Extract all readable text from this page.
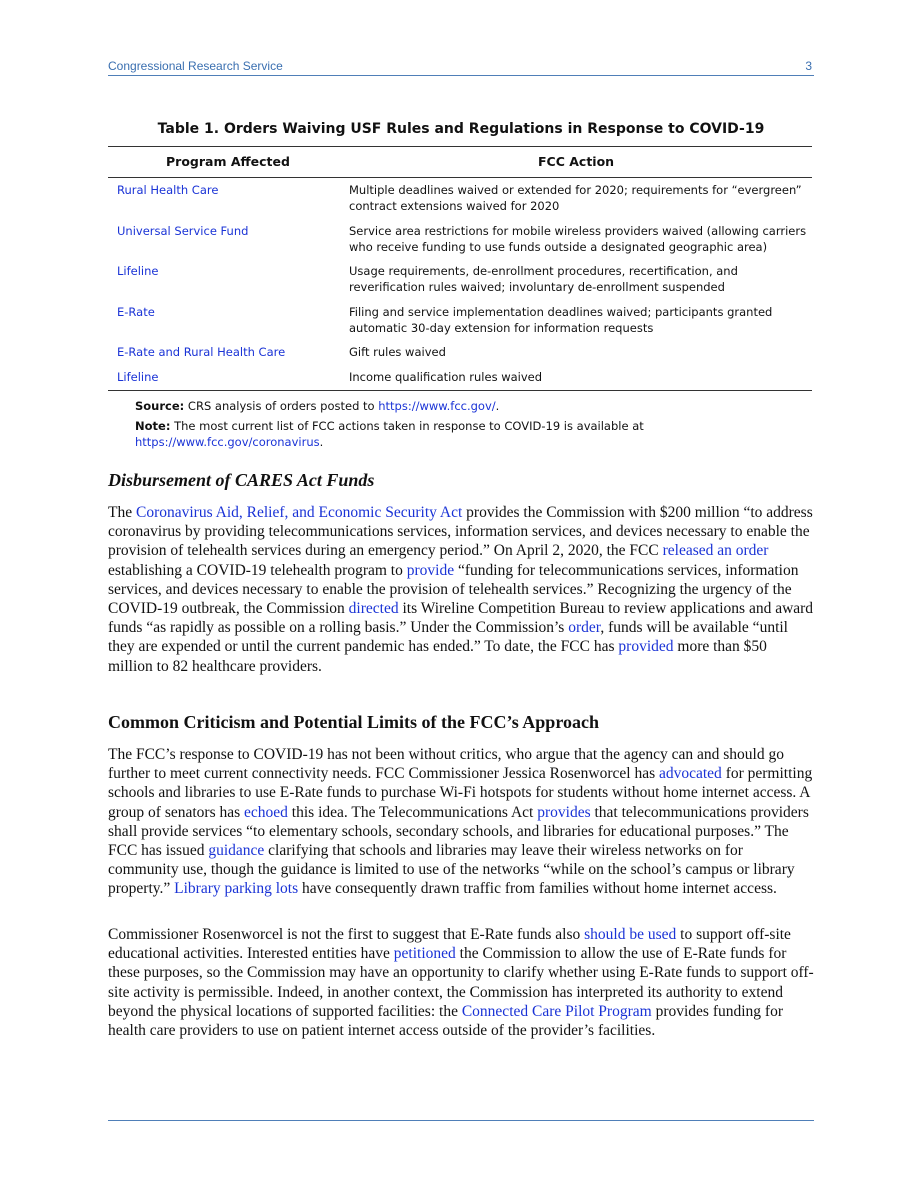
Congressional Research Service	3
Table 1. Orders Waiving USF Rules and Regulations in Response to COVID-19
Program Affected	FCC Action
Rural Health Care	Multiple deadlines waived or extended for 2020; requirements for “evergreen” contract extensions waived for 2020
Universal Service Fund	Service area restrictions for mobile wireless providers waived (allowing carriers who receive funding to use funds outside a designated geographic area)
Lifeline	Usage requirements, de-enrollment procedures, recertification, and reverification rules waived; involuntary de-enrollment suspended
E-Rate	Filing and service implementation deadlines waived; participants granted automatic 30-day extension for information requests
E-Rate and Rural Health Care	Gift rules waived
Lifeline	Income qualification rules waived
Source: CRS analysis of orders posted to https://www.fcc.gov/.
Note: The most current list of FCC actions taken in response to COVID-19 is available at
https://www.fcc.gov/coronavirus.
Disbursement of CARES Act Funds
The Coronavirus Aid, Relief, and Economic Security Act provides the Commission with $200 million “to address coronavirus by providing telecommunications services, information services, and devices necessary to enable the provision of telehealth services during an emergency period.” On April 2, 2020, the FCC released an order establishing a COVID-19 telehealth program to provide “funding for telecommunications services, information services, and devices necessary to enable the provision of telehealth services.” Recognizing the urgency of the COVID-19 outbreak, the Commission directed its Wireline Competition Bureau to review applications and award funds “as rapidly as possible on a rolling basis.” Under the Commission’s order, funds will be available “until they are expended or until the current pandemic has ended.” To date, the FCC has provided more than $50 million to 82 healthcare providers.
Common Criticism and Potential Limits of the FCC’s Approach
The FCC’s response to COVID-19 has not been without critics, who argue that the agency can and should go further to meet current connectivity needs. FCC Commissioner Jessica Rosenworcel has advocated for permitting schools and libraries to use E-Rate funds to purchase Wi-Fi hotspots for students without home internet access. A group of senators has echoed this idea. The Telecommunications Act provides that telecommunications providers shall provide services “to elementary schools, secondary schools, and libraries for educational purposes.” The FCC has issued guidance clarifying that schools and libraries may leave their wireless networks on for community use, though the guidance is limited to use of the networks “while on the school’s campus or library property.” Library parking lots have consequently drawn traffic from families without home internet access.
Commissioner Rosenworcel is not the first to suggest that E-Rate funds also should be used to support off-site educational activities. Interested entities have petitioned the Commission to allow the use of E-Rate funds for these purposes, so the Commission may have an opportunity to clarify whether using E-Rate funds to support off-site activity is permissible. Indeed, in another context, the Commission has interpreted its authority to extend beyond the physical locations of supported facilities: the Connected Care Pilot Program provides funding for health care providers to use on patient internet access outside of the provider’s facilities.
